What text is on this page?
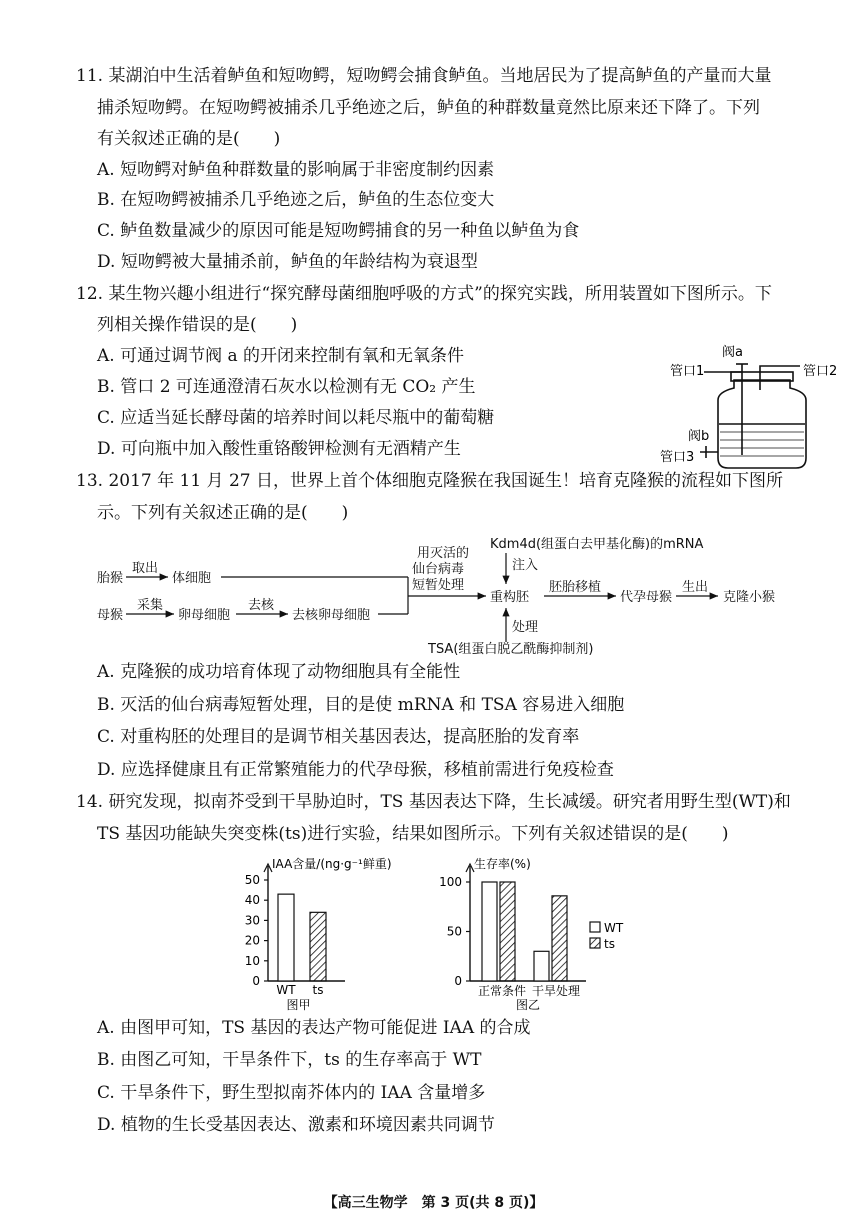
11. 某湖泊中生活着鲈鱼和短吻鳄，短吻鳄会捕食鲈鱼。当地居民为了提高鲈鱼的产量而大量
捕杀短吻鳄。在短吻鳄被捕杀几乎绝迹之后，鲈鱼的种群数量竟然比原来还下降了。下列
有关叙述正确的是(　　)
A. 短吻鳄对鲈鱼种群数量的影响属于非密度制约因素
B. 在短吻鳄被捕杀几乎绝迹之后，鲈鱼的生态位变大
C. 鲈鱼数量减少的原因可能是短吻鳄捕食的另一种鱼以鲈鱼为食
D. 短吻鳄被大量捕杀前，鲈鱼的年龄结构为衰退型
12. 某生物兴趣小组进行“探究酵母菌细胞呼吸的方式”的探究实践，所用装置如下图所示。下
列相关操作错误的是(　　)
A. 可通过调节阀 a 的开闭来控制有氧和无氧条件
B. 管口 2 可连通澄清石灰水以检测有无 CO₂ 产生
C. 应适当延长酵母菌的培养时间以耗尽瓶中的葡萄糖
D. 可向瓶中加入酸性重铬酸钾检测有无酒精产生
阀a
管口1	管口2
阀b
管口3
13. 2017 年 11 月 27 日，世界上首个体细胞克隆猴在我国诞生！培育克隆猴的流程如下图所
示。下列有关叙述正确的是(　　)
胎猴
取出
体细胞
母猴
采集
卵母细胞
去核
去核卵母细胞
用灭活的
仙台病毒
短暂处理
重构胚
胚胎移植
代孕母猴
生出
克隆小猴
Kdm4d(组蛋白去甲基化酶)的mRNA
注入
处理
TSA(组蛋白脱乙酰酶抑制剂)
A. 克隆猴的成功培育体现了动物细胞具有全能性
B. 灭活的仙台病毒短暂处理，目的是使 mRNA 和 TSA 容易进入细胞
C. 对重构胚的处理目的是调节相关基因表达，提高胚胎的发育率
D. 应选择健康且有正常繁殖能力的代孕母猴，移植前需进行免疫检查
14. 研究发现，拟南芥受到干旱胁迫时，TS 基因表达下降，生长减缓。研究者用野生型(WT)和
TS 基因功能缺失突变株(ts)进行实验，结果如图所示。下列有关叙述错误的是(　　)
IAA含量/(ng·g⁻¹鲜重)
0
10
20
30
40
50
WT ts
图甲
生存率(%)
0
50
100
正常条件 干旱处理
图乙
WT
ts
A. 由图甲可知，TS 基因的表达产物可能促进 IAA 的合成
B. 由图乙可知，干旱条件下，ts 的生存率高于 WT
C. 干旱条件下，野生型拟南芥体内的 IAA 含量增多
D. 植物的生长受基因表达、激素和环境因素共同调节
【高三生物学　第 3 页(共 8 页)】
